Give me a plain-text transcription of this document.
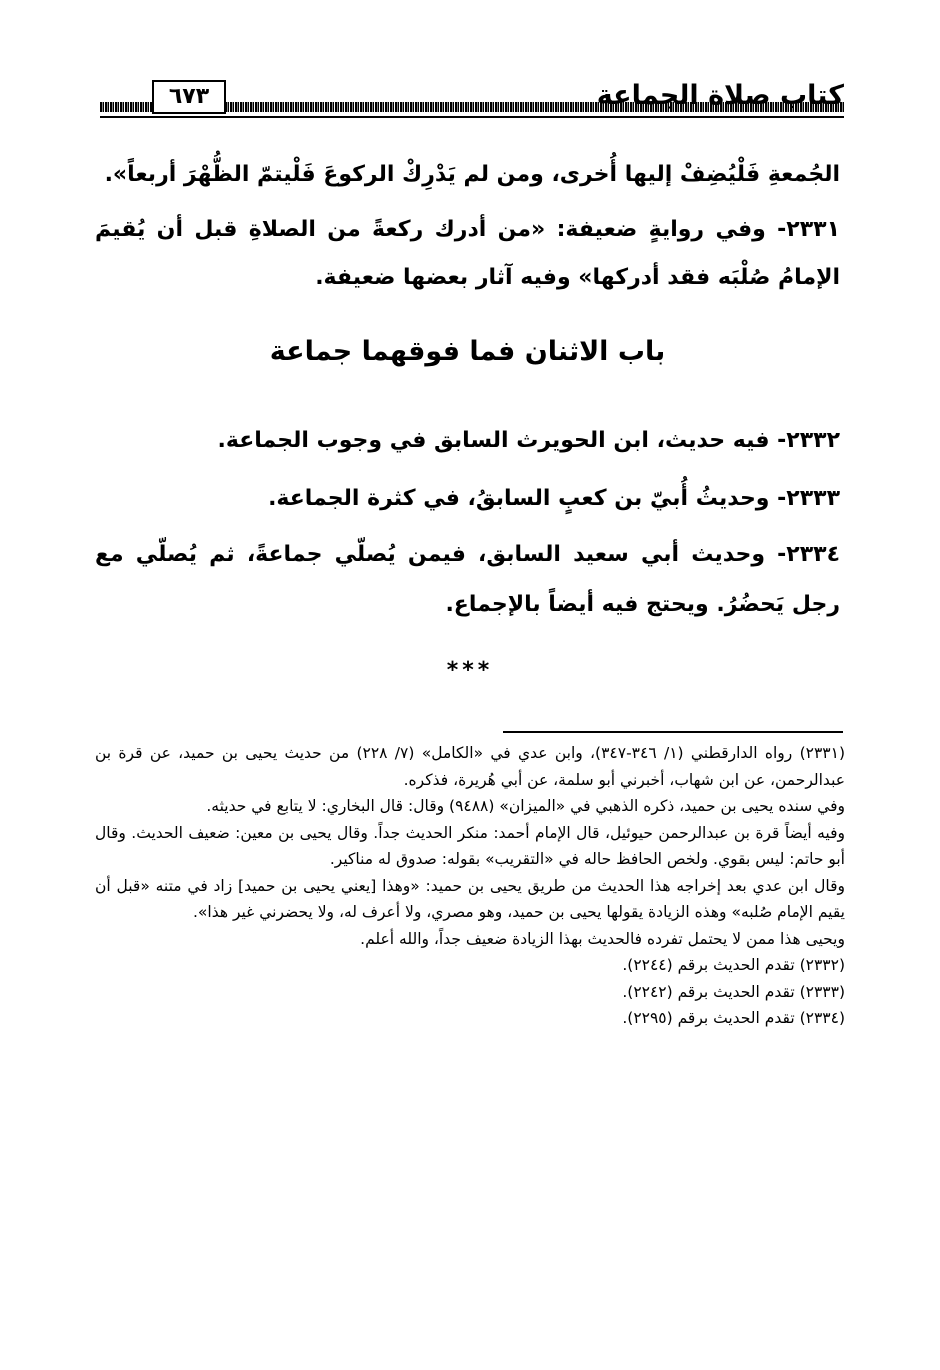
٦٧٣	كتاب صلاة الجماعة

الجُمعةِ فَلْيُضِفْ إليها أُخرى، ومن لم يَدْرِكْ الركوعَ فَلْيتمّ الظُّهْرَ أربعاً».

٢٣٣١- وفي روايةٍ ضعيفة: «من أدرك ركعةً من الصلاةِ قبل أن يُقيمَ الإمامُ صُلْبَه فقد أدركها» وفيه آثار بعضها ضعيفة.

باب الاثنان فما فوقهما جماعة

٢٣٣٢- فيه حديث، ابن الحويرث السابق في وجوب الجماعة.

٢٣٣٣- وحديثُ أُبيّ بن كعبٍ السابقُ، في كثرة الجماعة.

٢٣٣٤- وحديث أبي سعيد السابق، فيمن يُصلّي جماعةً، ثم يُصلّي مع رجل يَحضُرُ. ويحتج فيه أيضاً بالإجماع.

***

(٢٣٣١) رواه الدارقطني (١/ ٣٤٦-٣٤٧)، وابن عدي في «الكامل» (٧/ ٢٢٨) من حديث يحيى بن حميد، عن قرة بن عبدالرحمن، عن ابن شهاب، أخبرني أبو سلمة، عن أبي هُريرة، فذكره.

وفي سنده يحيى بن حميد، ذكره الذهبي في «الميزان» (٩٤٨٨) وقال: قال البخاري: لا يتابع في حديثه.

وفيه أيضاً قرة بن عبدالرحمن حيوئيل، قال الإمام أحمد: منكر الحديث جداً. وقال يحيى بن معين: ضعيف الحديث. وقال أبو حاتم: ليس بقوي. ولخص الحافظ حاله في «التقريب» بقوله: صدوق له مناكير.

وقال ابن عدي بعد إخراجه هذا الحديث من طريق يحيى بن حميد: «وهذا [يعني يحيى بن حميد] زاد في متنه «قبل أن يقيم الإمام صُلبه» وهذه الزيادة يقولها يحيى بن حميد، وهو مصري، ولا أعرف له، ولا يحضرني غير هذا».

ويحيى هذا ممن لا يحتمل تفرده فالحديث بهذا الزيادة ضعيف جداً، والله أعلم.

(٢٣٣٢) تقدم الحديث برقم (٢٢٤٤).

(٢٣٣٣) تقدم الحديث برقم (٢٢٤٢).

(٢٣٣٤) تقدم الحديث برقم (٢٢٩٥).
